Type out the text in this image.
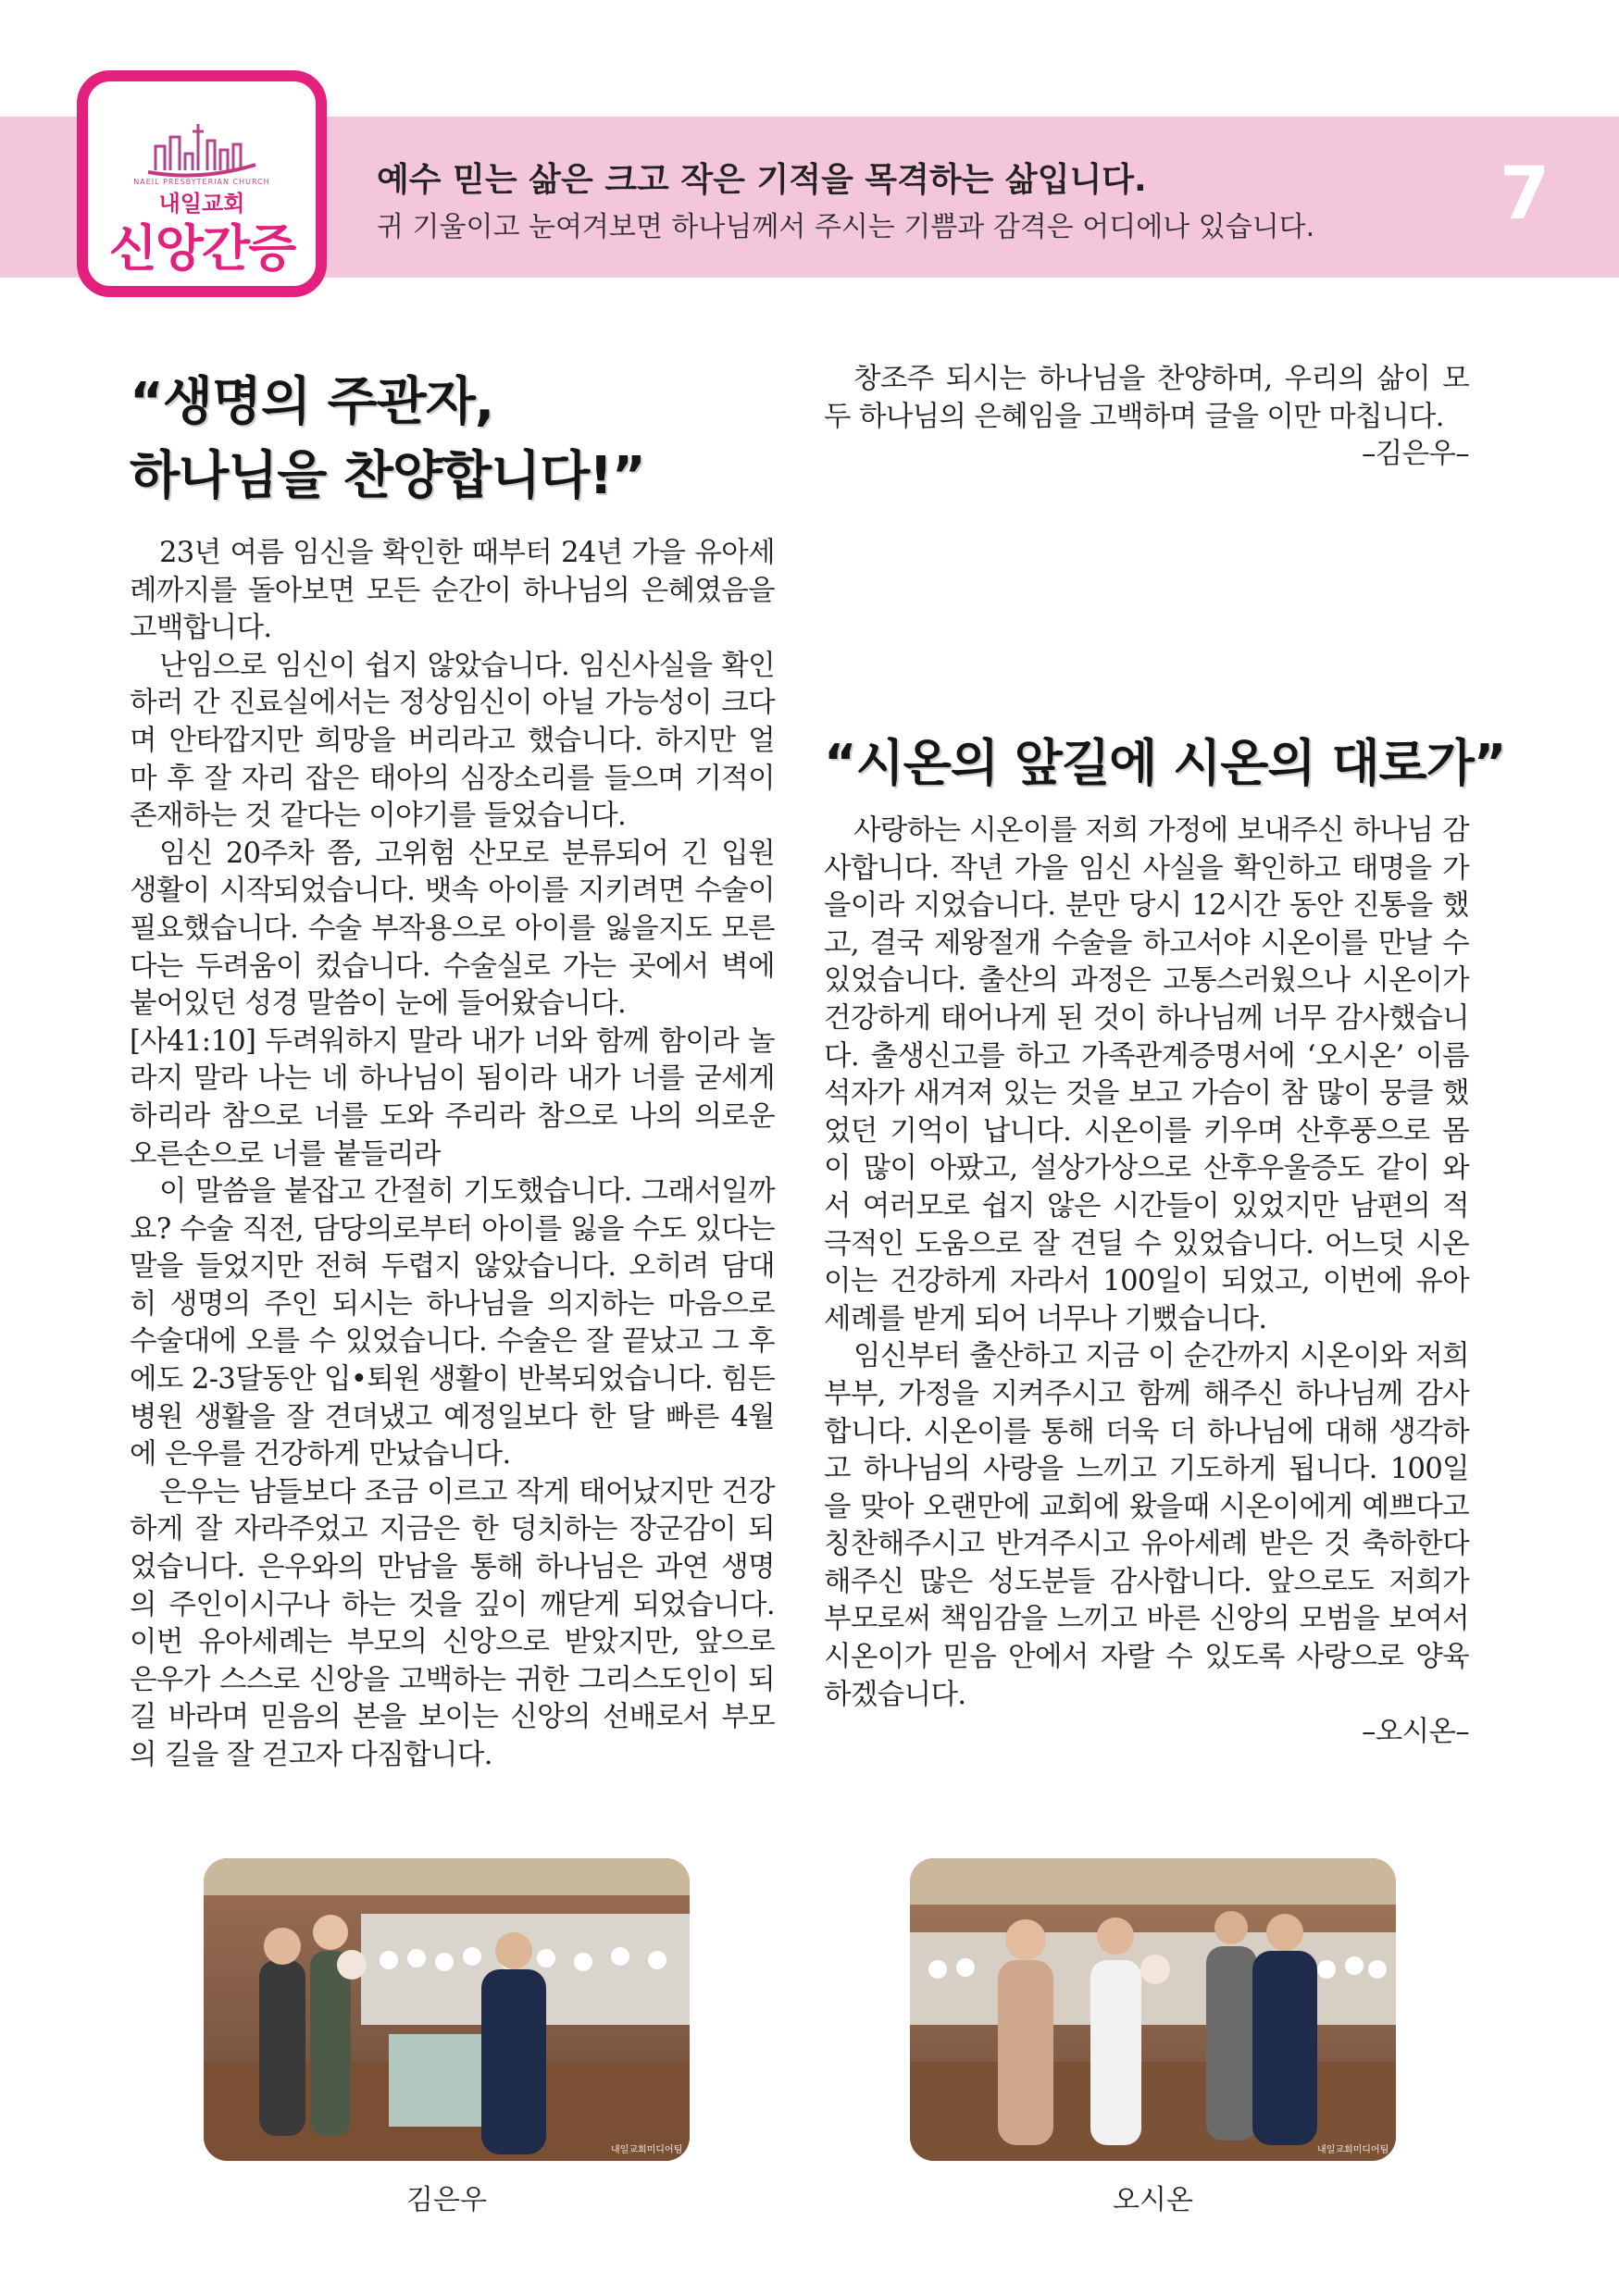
NAEIL PRESBYTERIAN CHURCH
내일교회
신앙간증
예수 믿는 삶은 크고 작은 기적을 목격하는 삶입니다.
귀 기울이고 눈여겨보면 하나님께서 주시는 기쁨과 감격은 어디에나 있습니다.	7
“생명의 주관자,
하나님을 찬양합니다!”

23년 여름 임신을 확인한 때부터 24년 가을 유아세례까지를 돌아보면 모든 순간이 하나님의 은혜였음을 고백합니다.

난임으로 임신이 쉽지 않았습니다. 임신사실을 확인하러 간 진료실에서는 정상임신이 아닐 가능성이 크다며 안타깝지만 희망을 버리라고 했습니다. 하지만 얼마 후 잘 자리 잡은 태아의 심장소리를 들으며 기적이 존재하는 것 같다는 이야기를 들었습니다.

임신 20주차 쯤, 고위험 산모로 분류되어 긴 입원 생활이 시작되었습니다. 뱃속 아이를 지키려면 수술이 필요했습니다. 수술 부작용으로 아이를 잃을지도 모른다는 두려움이 컸습니다. 수술실로 가는 곳에서 벽에 붙어있던 성경 말씀이 눈에 들어왔습니다.

[사41:10] 두려워하지 말라 내가 너와 함께 함이라 놀라지 말라 나는 네 하나님이 됨이라 내가 너를 굳세게 하리라 참으로 너를 도와 주리라 참으로 나의 의로운 오른손으로 너를 붙들리라

이 말씀을 붙잡고 간절히 기도했습니다. 그래서일까요? 수술 직전, 담당의로부터 아이를 잃을 수도 있다는 말을 들었지만 전혀 두렵지 않았습니다. 오히려 담대히 생명의 주인 되시는 하나님을 의지하는 마음으로 수술대에 오를 수 있었습니다. 수술은 잘 끝났고 그 후에도 2-3달동안 입•퇴원 생활이 반복되었습니다. 힘든 병원 생활을 잘 견뎌냈고 예정일보다 한 달 빠른 4월에 은우를 건강하게 만났습니다.

은우는 남들보다 조금 이르고 작게 태어났지만 건강하게 잘 자라주었고 지금은 한 덩치하는 장군감이 되었습니다. 은우와의 만남을 통해 하나님은 과연 생명의 주인이시구나 하는 것을 깊이 깨닫게 되었습니다. 이번 유아세례는 부모의 신앙으로 받았지만, 앞으로 은우가 스스로 신앙을 고백하는 귀한 그리스도인이 되길 바라며 믿음의 본을 보이는 신앙의 선배로서 부모의 길을 잘 걷고자 다짐합니다.

창조주 되시는 하나님을 찬양하며, 우리의 삶이 모두 하나님의 은혜임을 고백하며 글을 이만 마칩니다.

–김은우–
“시온의 앞길에 시온의 대로가”

사랑하는 시온이를 저희 가정에 보내주신 하나님 감사합니다. 작년 가을 임신 사실을 확인하고 태명을 가을이라 지었습니다. 분만 당시 12시간 동안 진통을 했고, 결국 제왕절개 수술을 하고서야 시온이를 만날 수 있었습니다. 출산의 과정은 고통스러웠으나 시온이가 건강하게 태어나게 된 것이 하나님께 너무 감사했습니다. 출생신고를 하고 가족관계증명서에 ‘오시온’ 이름 석자가 새겨져 있는 것을 보고 가슴이 참 많이 뭉클 했었던 기억이 납니다. 시온이를 키우며 산후풍으로 몸이 많이 아팠고, 설상가상으로 산후우울증도 같이 와서 여러모로 쉽지 않은 시간들이 있었지만 남편의 적극적인 도움으로 잘 견딜 수 있었습니다. 어느덧 시온이는 건강하게 자라서 100일이 되었고, 이번에 유아세례를 받게 되어 너무나 기뻤습니다.

임신부터 출산하고 지금 이 순간까지 시온이와 저희 부부, 가정을 지켜주시고 함께 해주신 하나님께 감사합니다. 시온이를 통해 더욱 더 하나님에 대해 생각하고 하나님의 사랑을 느끼고 기도하게 됩니다. 100일을 맞아 오랜만에 교회에 왔을때 시온이에게 예쁘다고 칭찬해주시고 반겨주시고 유아세례 받은 것 축하한다 해주신 많은 성도분들 감사합니다. 앞으로도 저희가 부모로써 책임감을 느끼고 바른 신앙의 모범을 보여서 시온이가 믿음 안에서 자랄 수 있도록 사랑으로 양육하겠습니다.

–오시온–
내일교회미디어팀
김은우
내일교회미디어팀
오시온
